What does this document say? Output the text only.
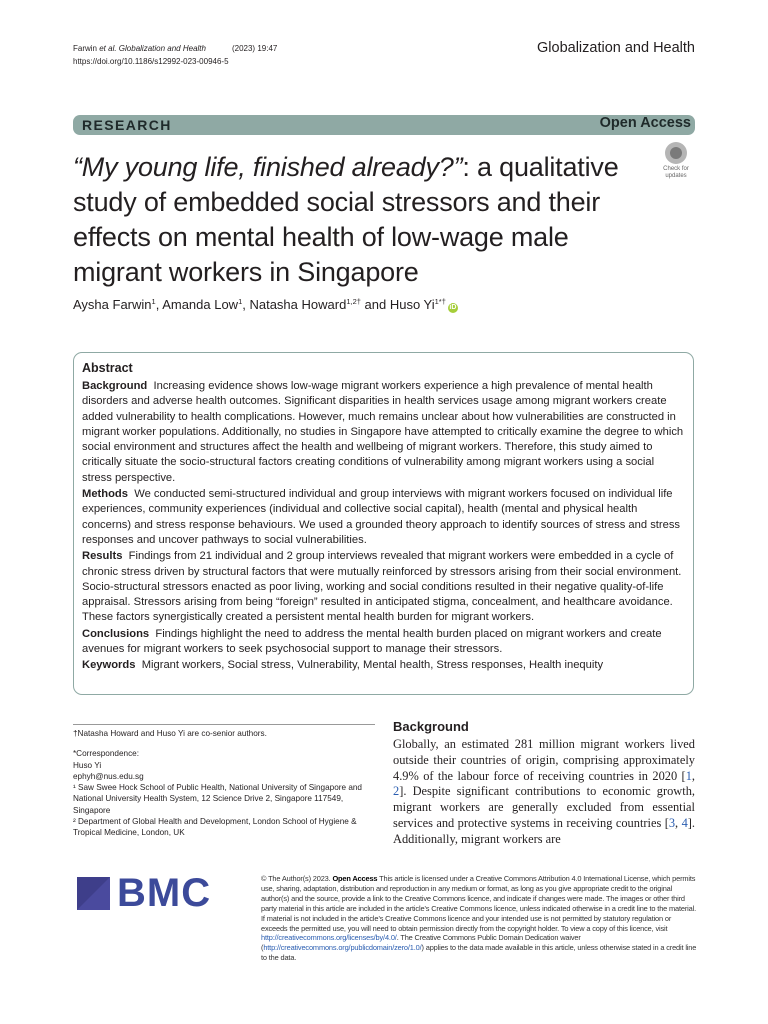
Farwin et al. Globalization and Health	(2023) 19:47
https://doi.org/10.1186/s12992-023-00946-5
Globalization and Health
RESEARCH	Open Access
Check for
updates
“My young life, finished already?”: a qualitative study of embedded social stressors and their effects on mental health of low-wage male migrant workers in Singapore
Aysha Farwin$^1$, Amanda Low$^1$, Natasha Howard$^{1,2\dagger}$ and Huso $Yi^{1*\dagger}iD$
Abstract

Background Increasing evidence shows low-wage migrant workers experience a high prevalence of mental health disorders and adverse health outcomes. Significant disparities in health services usage among migrant workers create added vulnerability to health complications. However, much remains unclear about how vulnerabilities are constructed in migrant worker populations. Additionally, no studies in Singapore have attempted to critically examine the degree to which social environment and structures affect the health and wellbeing of migrant workers. Therefore, this study aimed to critically situate the socio-structural factors creating conditions of vulnerability among migrant workers using a social stress perspective.

Methods We conducted semi-structured individual and group interviews with migrant workers focused on individual life experiences, community experiences (individual and collective social capital), health (mental and physical health concerns) and stress response behaviours. We used a grounded theory approach to identify sources of stress and stress responses and uncover pathways to social vulnerabilities.

Results Findings from 21 individual and 2 group interviews revealed that migrant workers were embedded in a cycle of chronic stress driven by structural factors that were mutually reinforced by stressors arising from their social environment. Socio-structural stressors enacted as poor living, working and social conditions resulted in their negative quality-of-life appraisal. Stressors arising from being “foreign” resulted in anticipated stigma, concealment, and healthcare avoidance. These factors synergistically created a persistent mental health burden for migrant workers.

Conclusions Findings highlight the need to address the mental health burden placed on migrant workers and create avenues for migrant workers to seek psychosocial support to manage their stressors.

Keywords Migrant workers, Social stress, Vulnerability, Mental health, Stress responses, Health inequity

†Natasha Howard and Huso Yi are co-senior authors.
*Correspondence:
Huso Yi
ephyh@nus.edu.sg
¹ Saw Swee Hock School of Public Health, National University of Singapore and National University Health System, 12 Science Drive 2, Singapore 117549, Singapore
² Department of Global Health and Development, London School of Hygiene & Tropical Medicine, London, UK
Background
Globally, an estimated 281 million migrant workers lived outside their countries of origin, comprising approximately 4.9% of the labour force of receiving countries in 2020 [1, 2]. Despite significant contributions to economic growth, migrant workers are generally excluded from essential services and protective systems in receiving countries [3, 4]. Additionally, migrant workers are
BMC	© The Author(s) 2023. Open Access This article is licensed under a Creative Commons Attribution 4.0 International License, which permits use, sharing, adaptation, distribution and reproduction in any medium or format, as long as you give appropriate credit to the original author(s) and the source, provide a link to the Creative Commons licence, and indicate if changes were made. The images or other third party material in this article are included in the article’s Creative Commons licence, unless indicated otherwise in a credit line to the material. If material is not included in the article’s Creative Commons licence and your intended use is not permitted by statutory regulation or exceeds the permitted use, you will need to obtain permission directly from the copyright holder. To view a copy of this licence, visit http://creativecommons.org/licenses/by/4.0/. The Creative Commons Public Domain Dedication waiver (http://creativecommons.org/publicdomain/zero/1.0/) applies to the data made available in this article, unless otherwise stated in a credit line to the data.
